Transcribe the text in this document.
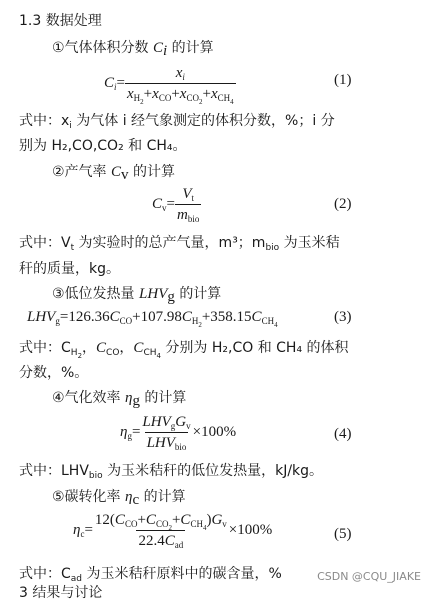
1.3 数据处理
①气体体积分数 $C_i$ 的计算
$C_i= \frac{x_i}{x_{H_2}+x_{CO}+x_{CO_2}+x_{CH_4}}$	(1)
式中：$x_i$ 为气体 i 经气象测定的体积分数，%；i 分
别为 H₂,CO,CO₂ 和 CH₄。
②产气率 $C_v$ 的计算
$C_v= \frac{V_t}{m_{bio}}$	(2)
式中：$V_t$ 为实验时的总产气量，m³；$m_{bio}$ 为玉米秸
秆的质量，kg。
③低位发热量 $LHV_g$ 的计算
$LHV_g=126.36C_{CO}+107.98C_{H_2}+358.15C_{CH_4}$	(3)
式中：$C_{H_2}$，$C_{CO}$，$C_{CH_4}$ 分别为 H₂,CO 和 CH₄ 的体积
分数，%。
④气化效率 $\eta_g$ 的计算
$\eta_g= \frac{LHV_gG_v}{LHV_{bio}} \times 100\%$	(4)
式中：$LHV_{bio}$ 为玉米秸秆的低位发热量，kJ/kg。
⑤碳转化率 $\eta_c$ 的计算
$\eta_c= \frac{12(C_{CO}+C_{CO_2}+C_{CH_4})G_v}{22.4C_{ad}} \times 100\%$	(5)
式中：$C_{ad}$ 为玉米秸秆原料中的碳含量，%
3 结果与讨论
CSDN @CQU_JIAKE
